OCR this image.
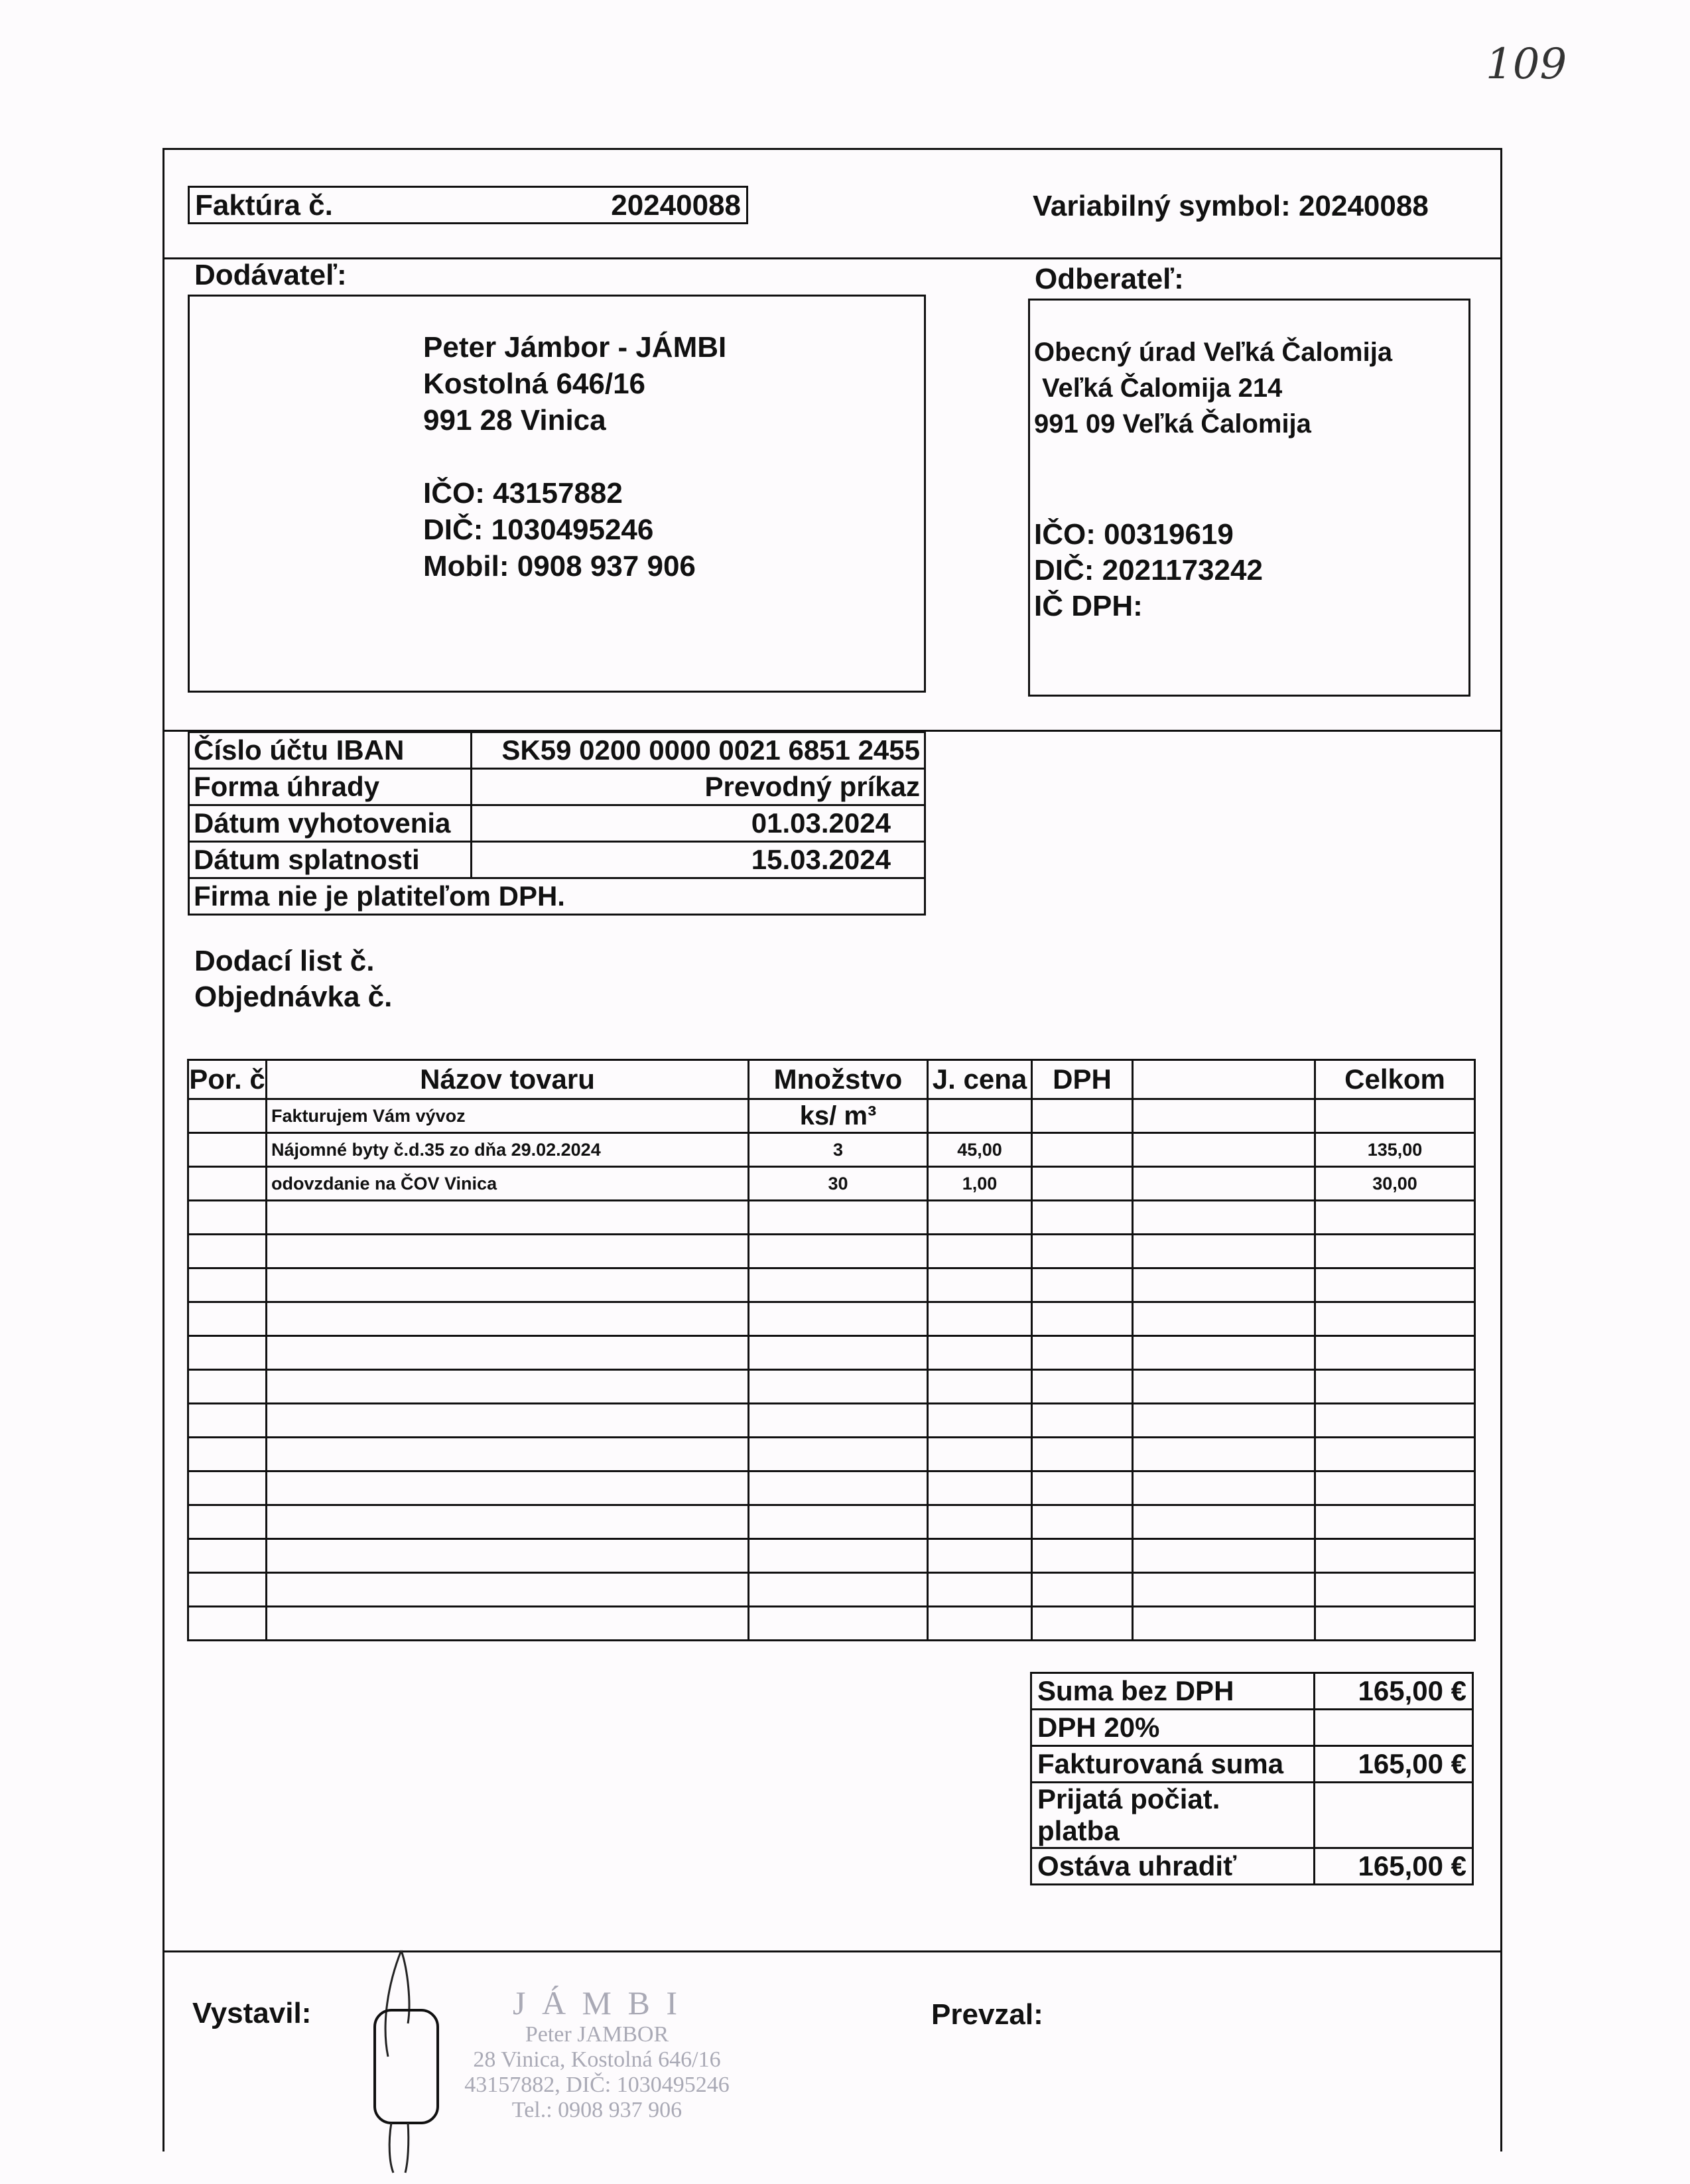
109
Faktúra č.	20240088	Variabilný symbol: 20240088
Dodávateľ:
Peter Jámbor - JÁMBI
Kostolná 646/16
991 28 Vinica
IČO: 43157882
DIČ: 1030495246
Mobil: 0908 937 906
Odberateľ:
Obecný úrad Veľká Čalomija
Veľká Čalomija 214
991 09 Veľká Čalomija
IČO: 00319619
DIČ: 2021173242
IČ DPH:
Číslo účtu IBAN	SK59 0200 0000 0021 6851 2455
Forma úhrady	Prevodný príkaz
Dátum vyhotovenia	01.03.2024
Dátum splatnosti	15.03.2024
Firma nie je platiteľom DPH.	
Dodací list č.
Objednávka č.
Por. č	Názov tovaru	Množstvo	J. cena	DPH		Celkom
	Fakturujem Vám vývoz	ks/ m³				
	Nájomné byty č.d.35 zo dňa 29.02.2024	3	45,00			135,00
	odovzdanie na ČOV Vinica	30	1,00			30,00

Suma bez DPH	165,00 €
DPH 20%	
Fakturovaná suma	165,00 €
Prijatá počiat. platba	
Ostáva uhradiť	165,00 €
Vystavil:	Prevzal:
J Á M B I
Peter JAMBOR
28 Vinica, Kostolná 646/16
43157882, DIČ: 1030495246
Tel.: 0908 937 906
